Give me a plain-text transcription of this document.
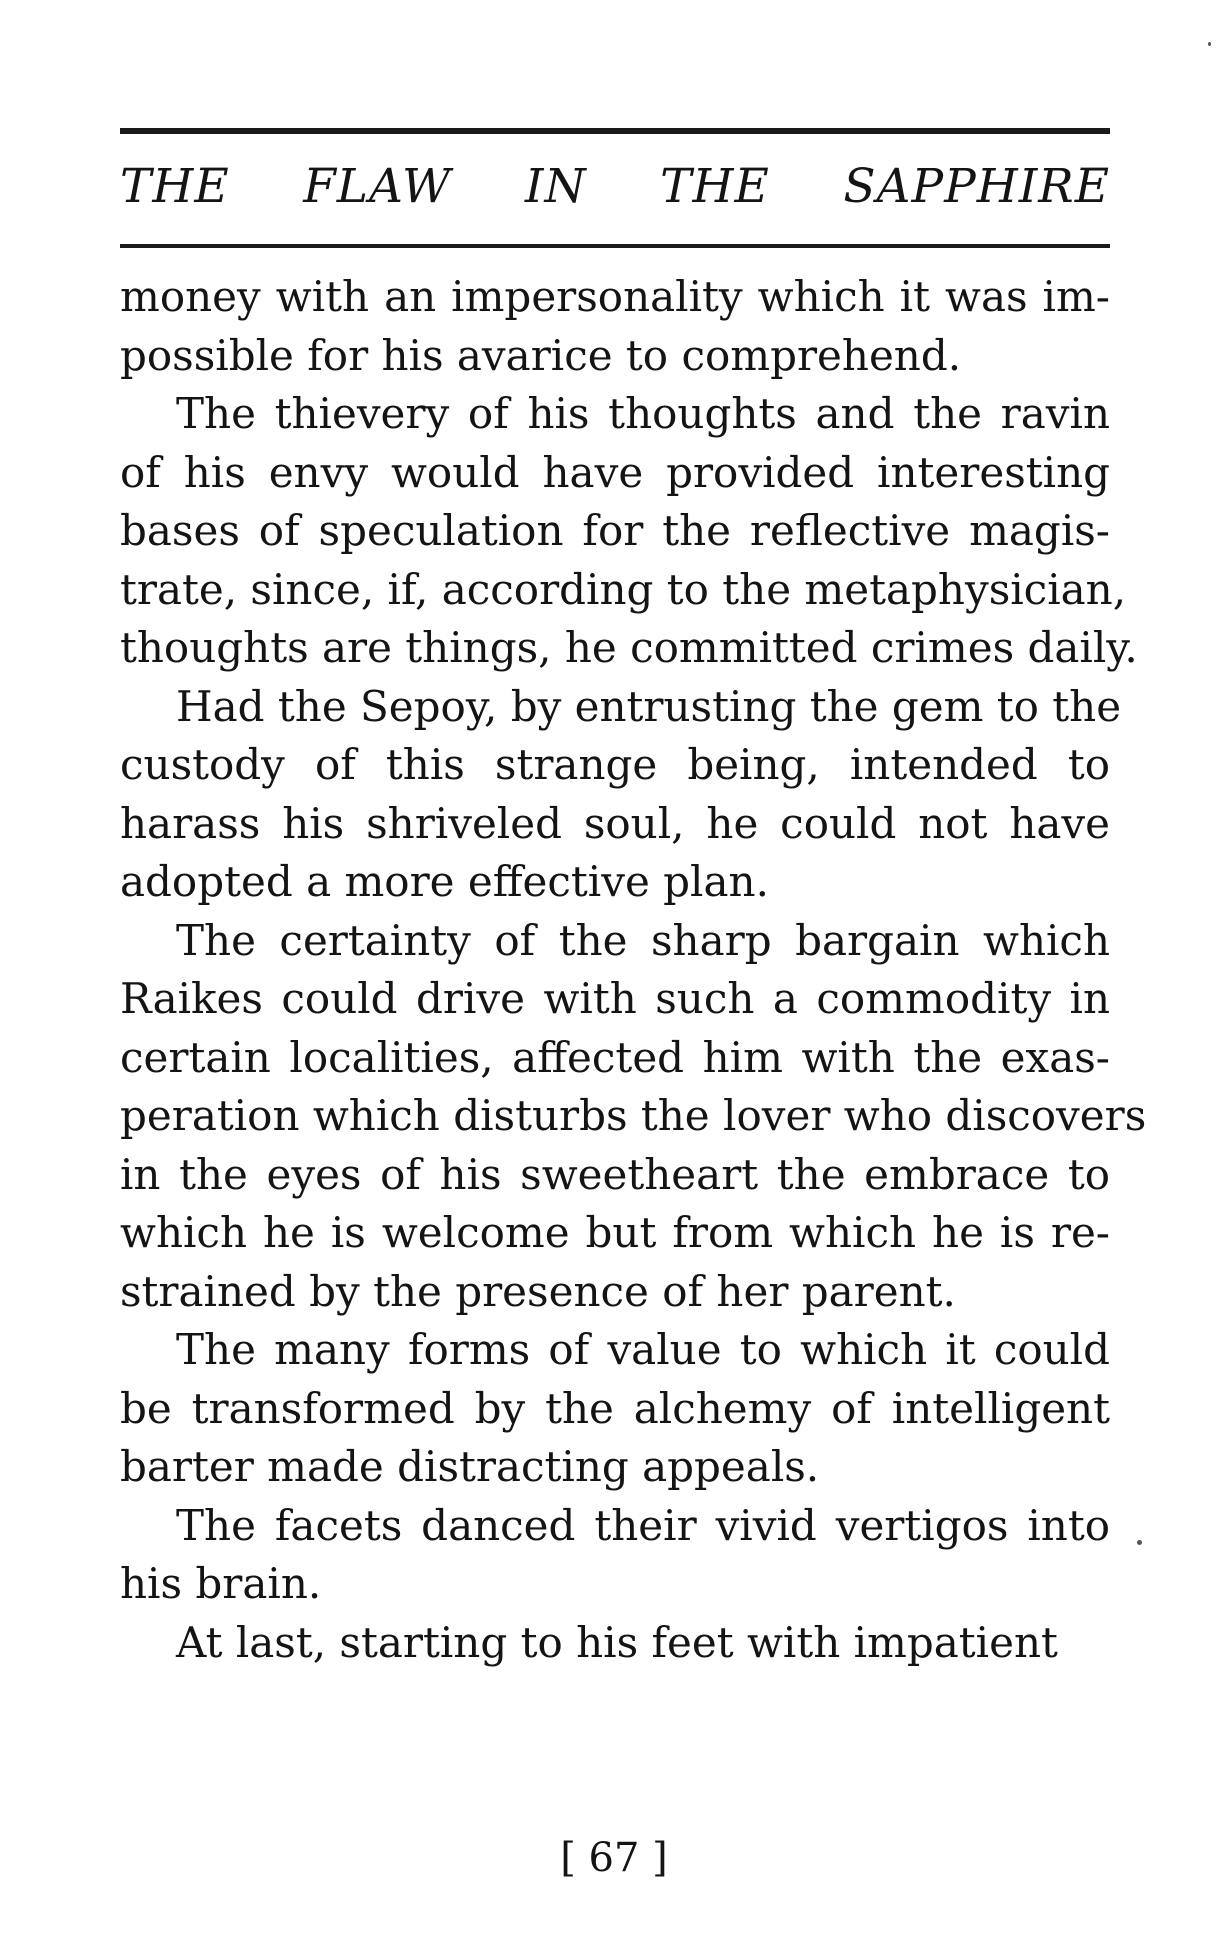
THE FLAW IN THE SAPPHIRE
money with an impersonality which it was im-
possible for his avarice to comprehend.
The thievery of his thoughts and the ravin
of his envy would have provided interesting
bases of speculation for the reflective magis-
trate, since, if, according to the metaphysician,
thoughts are things, he committed crimes daily.
Had the Sepoy, by entrusting the gem to the
custody of this strange being, intended to
harass his shriveled soul, he could not have
adopted a more effective plan.
The certainty of the sharp bargain which
Raikes could drive with such a commodity in
certain localities, affected him with the exas-
peration which disturbs the lover who discovers
in the eyes of his sweetheart the embrace to
which he is welcome but from which he is re-
strained by the presence of her parent.
The many forms of value to which it could
be transformed by the alchemy of intelligent
barter made distracting appeals.
The facets danced their vivid vertigos into
his brain.
At last, starting to his feet with impatient
[ 67 ]
